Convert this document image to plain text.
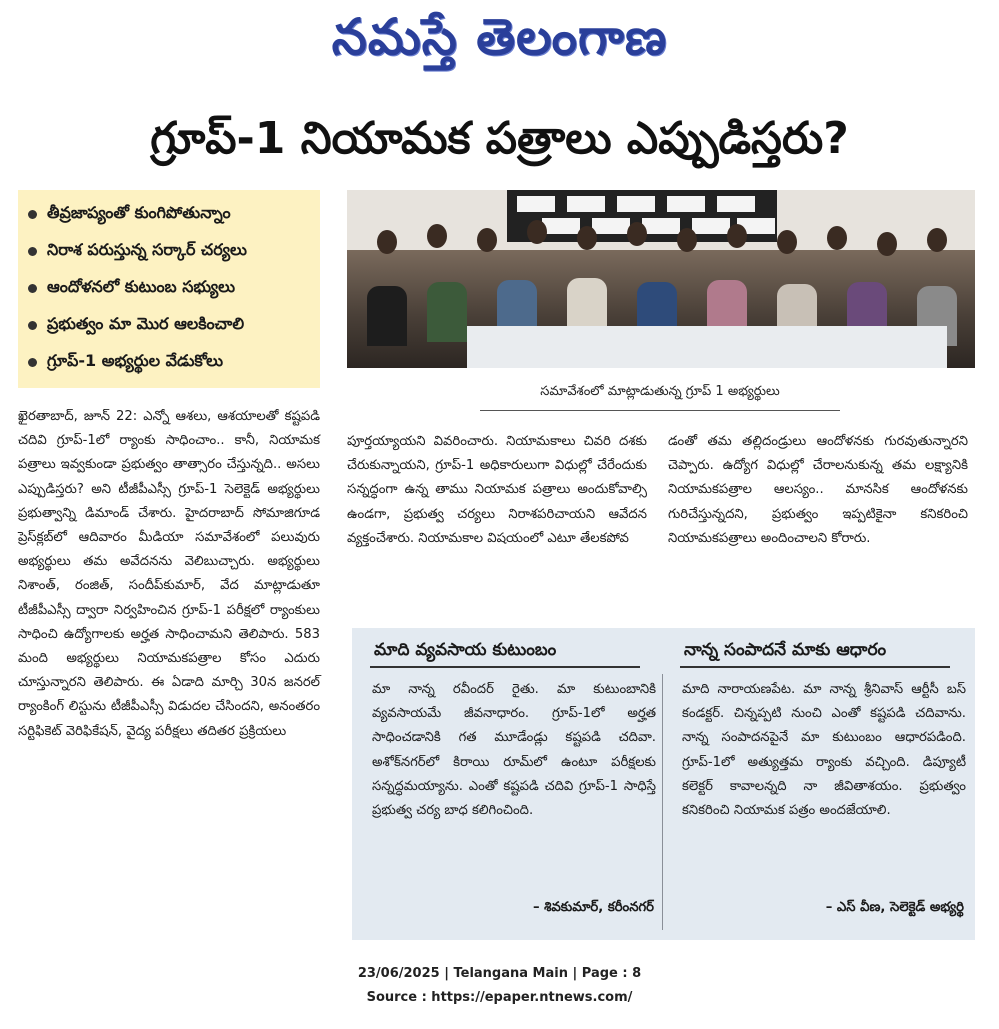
నమస్తే తెలంగాణ
గ్రూప్-1 నియామక పత్రాలు ఎప్పుడిస్తరు?
తీవ్రజాప్యంతో కుంగిపోతున్నాం
నిరాశ పరుస్తున్న సర్కార్ చర్యలు
ఆందోళనలో కుటుంబ సభ్యులు
ప్రభుత్వం మా మొర ఆలకించాలి
గ్రూప్-1 అభ్యర్థుల వేడుకోలు
సమావేశంలో మాట్లాడుతున్న గ్రూప్ 1 అభ్యర్థులు
ఖైరతాబాద్, జూన్ 22: ఎన్నో ఆశలు, ఆశయాలతో కష్టపడి చదివి గ్రూప్-1లో ర్యాంకు సాధించాం.. కానీ, నియామక పత్రాలు ఇవ్వకుండా ప్రభుత్వం తాత్సారం చేస్తున్నది.. అసలు ఎప్పుడిస్తరు? అని టీజీపీఎస్సీ గ్రూప్-1 సెలెక్టెడ్ అభ్యర్థులు ప్రభుత్వాన్ని డిమాండ్ చేశారు. హైదరాబాద్ సోమాజిగూడ ప్రెస్‌క్లబ్‌లో ఆదివారం మీడియా సమావేశంలో పలువురు అభ్యర్థులు తమ అవేదనను వెలిబుచ్చారు. అభ్యర్థులు నిశాంత్, రంజిత్, సందీప్‌కుమార్, వేద మాట్లాడుతూ టీజీపీఎస్సీ ద్వారా నిర్వహించిన గ్రూప్-1 పరీక్షలో ర్యాంకులు సాధించి ఉద్యోగాలకు అర్హత సాధించామని తెలిపారు. 583 మంది అభ్యర్థులు నియామకపత్రాల కోసం ఎదురు చూస్తున్నారని తెలిపారు. ఈ ఏడాది మార్చి 30న జనరల్ ర్యాంకింగ్ లిస్టును టీజీపీఎస్సీ విడుదల చేసిందని, అనంతరం సర్టిఫికెట్ వెరిఫికేషన్, వైద్య పరీక్షలు తదితర ప్రక్రియలు
పూర్తయ్యాయని వివరించారు. నియామకాలు చివరి దశకు చేరుకున్నాయని, గ్రూప్-1 అధికారులుగా విధుల్లో చేరేందుకు సన్నద్ధంగా ఉన్న తాము నియామక పత్రాలు అందుకోవాల్సి ఉండగా, ప్రభుత్వ చర్యలు నిరాశపరిచాయని ఆవేదన వ్యక్తంచేశారు. నియామకాల విషయంలో ఎటూ తేలకపోవ
డంతో తమ తల్లిదండ్రులు ఆందోళనకు గురవుతున్నారని చెప్పారు. ఉద్యోగ విధుల్లో చేరాలనుకున్న తమ లక్ష్యానికి నియామకపత్రాల ఆలస్యం.. మానసిక ఆందోళనకు గురిచేస్తున్నదని, ప్రభుత్వం ఇప్పటికైనా కనికరించి నియామకపత్రాలు అందించాలని కోరారు.
మాది వ్యవసాయ కుటుంబం
మా నాన్న రవీందర్ రైతు. మా కుటుంబానికి వ్యవసాయమే జీవనాధారం. గ్రూప్-1లో అర్హత సాధించడానికి గత మూడేండ్లు కష్టపడి చదివా. అశోక్‌నగర్‌లో కిరాయి రూమ్‌లో ఉంటూ పరీక్షలకు సన్నద్ధమయ్యాను. ఎంతో కష్టపడి చదివి గ్రూప్-1 సాధిస్తే ప్రభుత్వ చర్య బాధ కలిగించింది.
– శివకుమార్, కరీంనగర్
నాన్న సంపాదనే మాకు ఆధారం
మాది నారాయణపేట. మా నాన్న శ్రీనివాస్ ఆర్టీసీ బస్ కండక్టర్. చిన్నప్పటి నుంచి ఎంతో కష్టపడి చదివాను. నాన్న సంపాదనపైనే మా కుటుంబం ఆధారపడింది. గ్రూప్-1లో అత్యుత్తమ ర్యాంకు వచ్చింది. డిప్యూటీ కలెక్టర్ కావాలన్నది నా జీవితాశయం. ప్రభుత్వం కనికరించి నియామక పత్రం అందజేయాలి.
– ఎస్ వీణ, సెలెక్టెడ్ అభ్యర్థి
23/06/2025 | Telangana Main | Page : 8
Source : https://epaper.ntnews.com/
